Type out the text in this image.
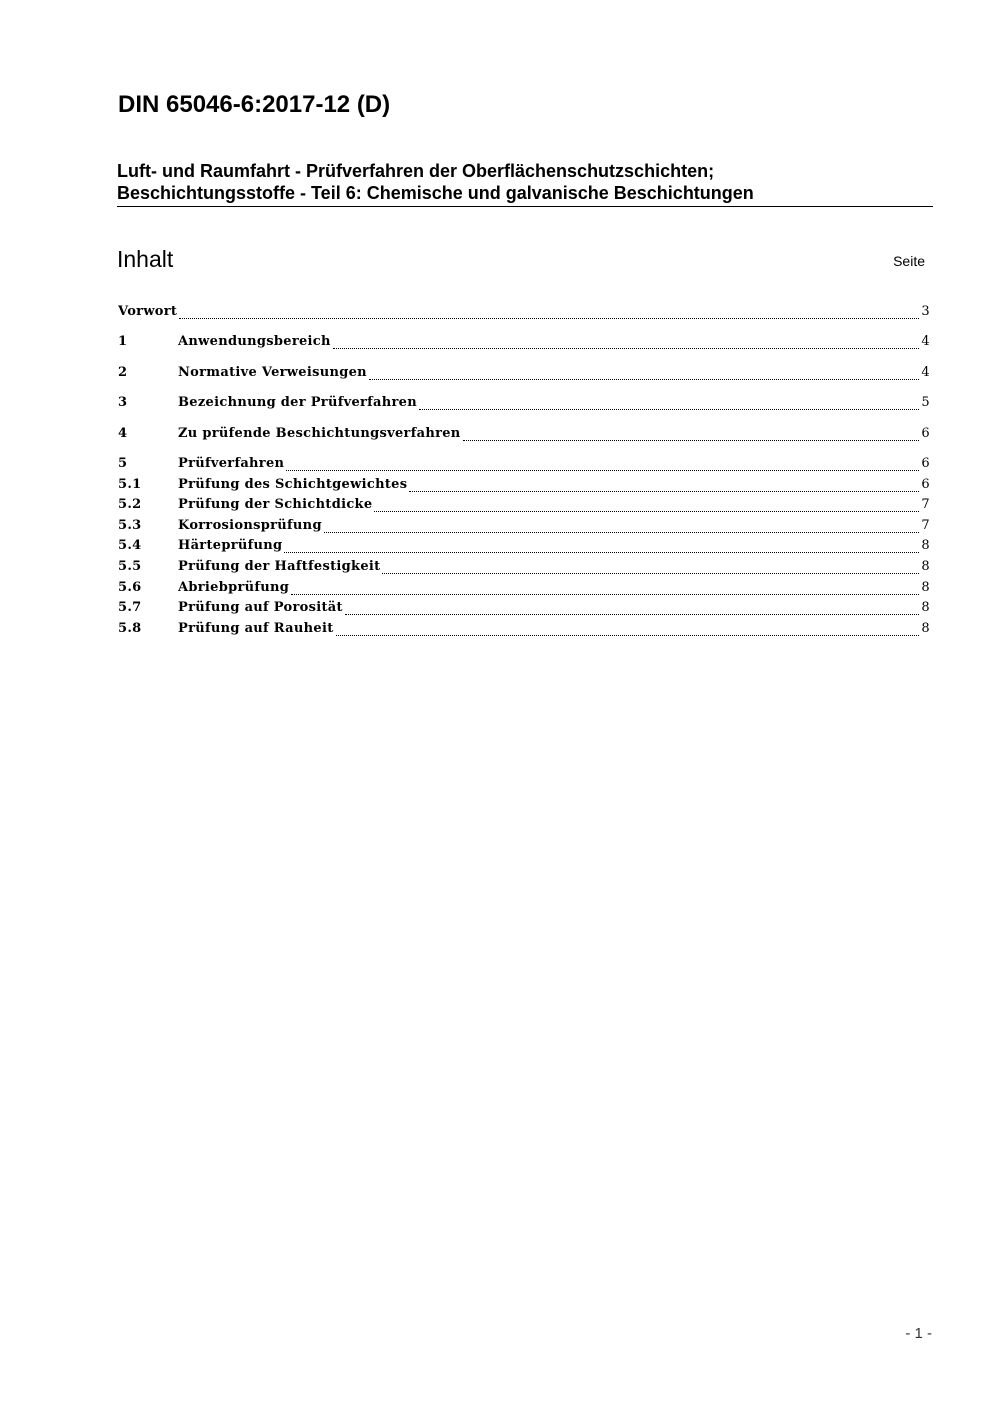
DIN 65046-6:2017-12 (D)
Luft- und Raumfahrt - Prüfverfahren der Oberflächenschutzschichten;
Beschichtungsstoffe - Teil 6: Chemische und galvanische Beschichtungen
Inhalt	Seite
Vorwort	3
1	Anwendungsbereich	4
2	Normative Verweisungen	4
3	Bezeichnung der Prüfverfahren	5
4	Zu prüfende Beschichtungsverfahren	6
5	Prüfverfahren	6
5.1	Prüfung des Schichtgewichtes	6
5.2	Prüfung der Schichtdicke	7
5.3	Korrosionsprüfung	7
5.4	Härteprüfung	8
5.5	Prüfung der Haftfestigkeit	8
5.6	Abriebprüfung	8
5.7	Prüfung auf Porosität	8
5.8	Prüfung auf Rauheit	8
- 1 -
